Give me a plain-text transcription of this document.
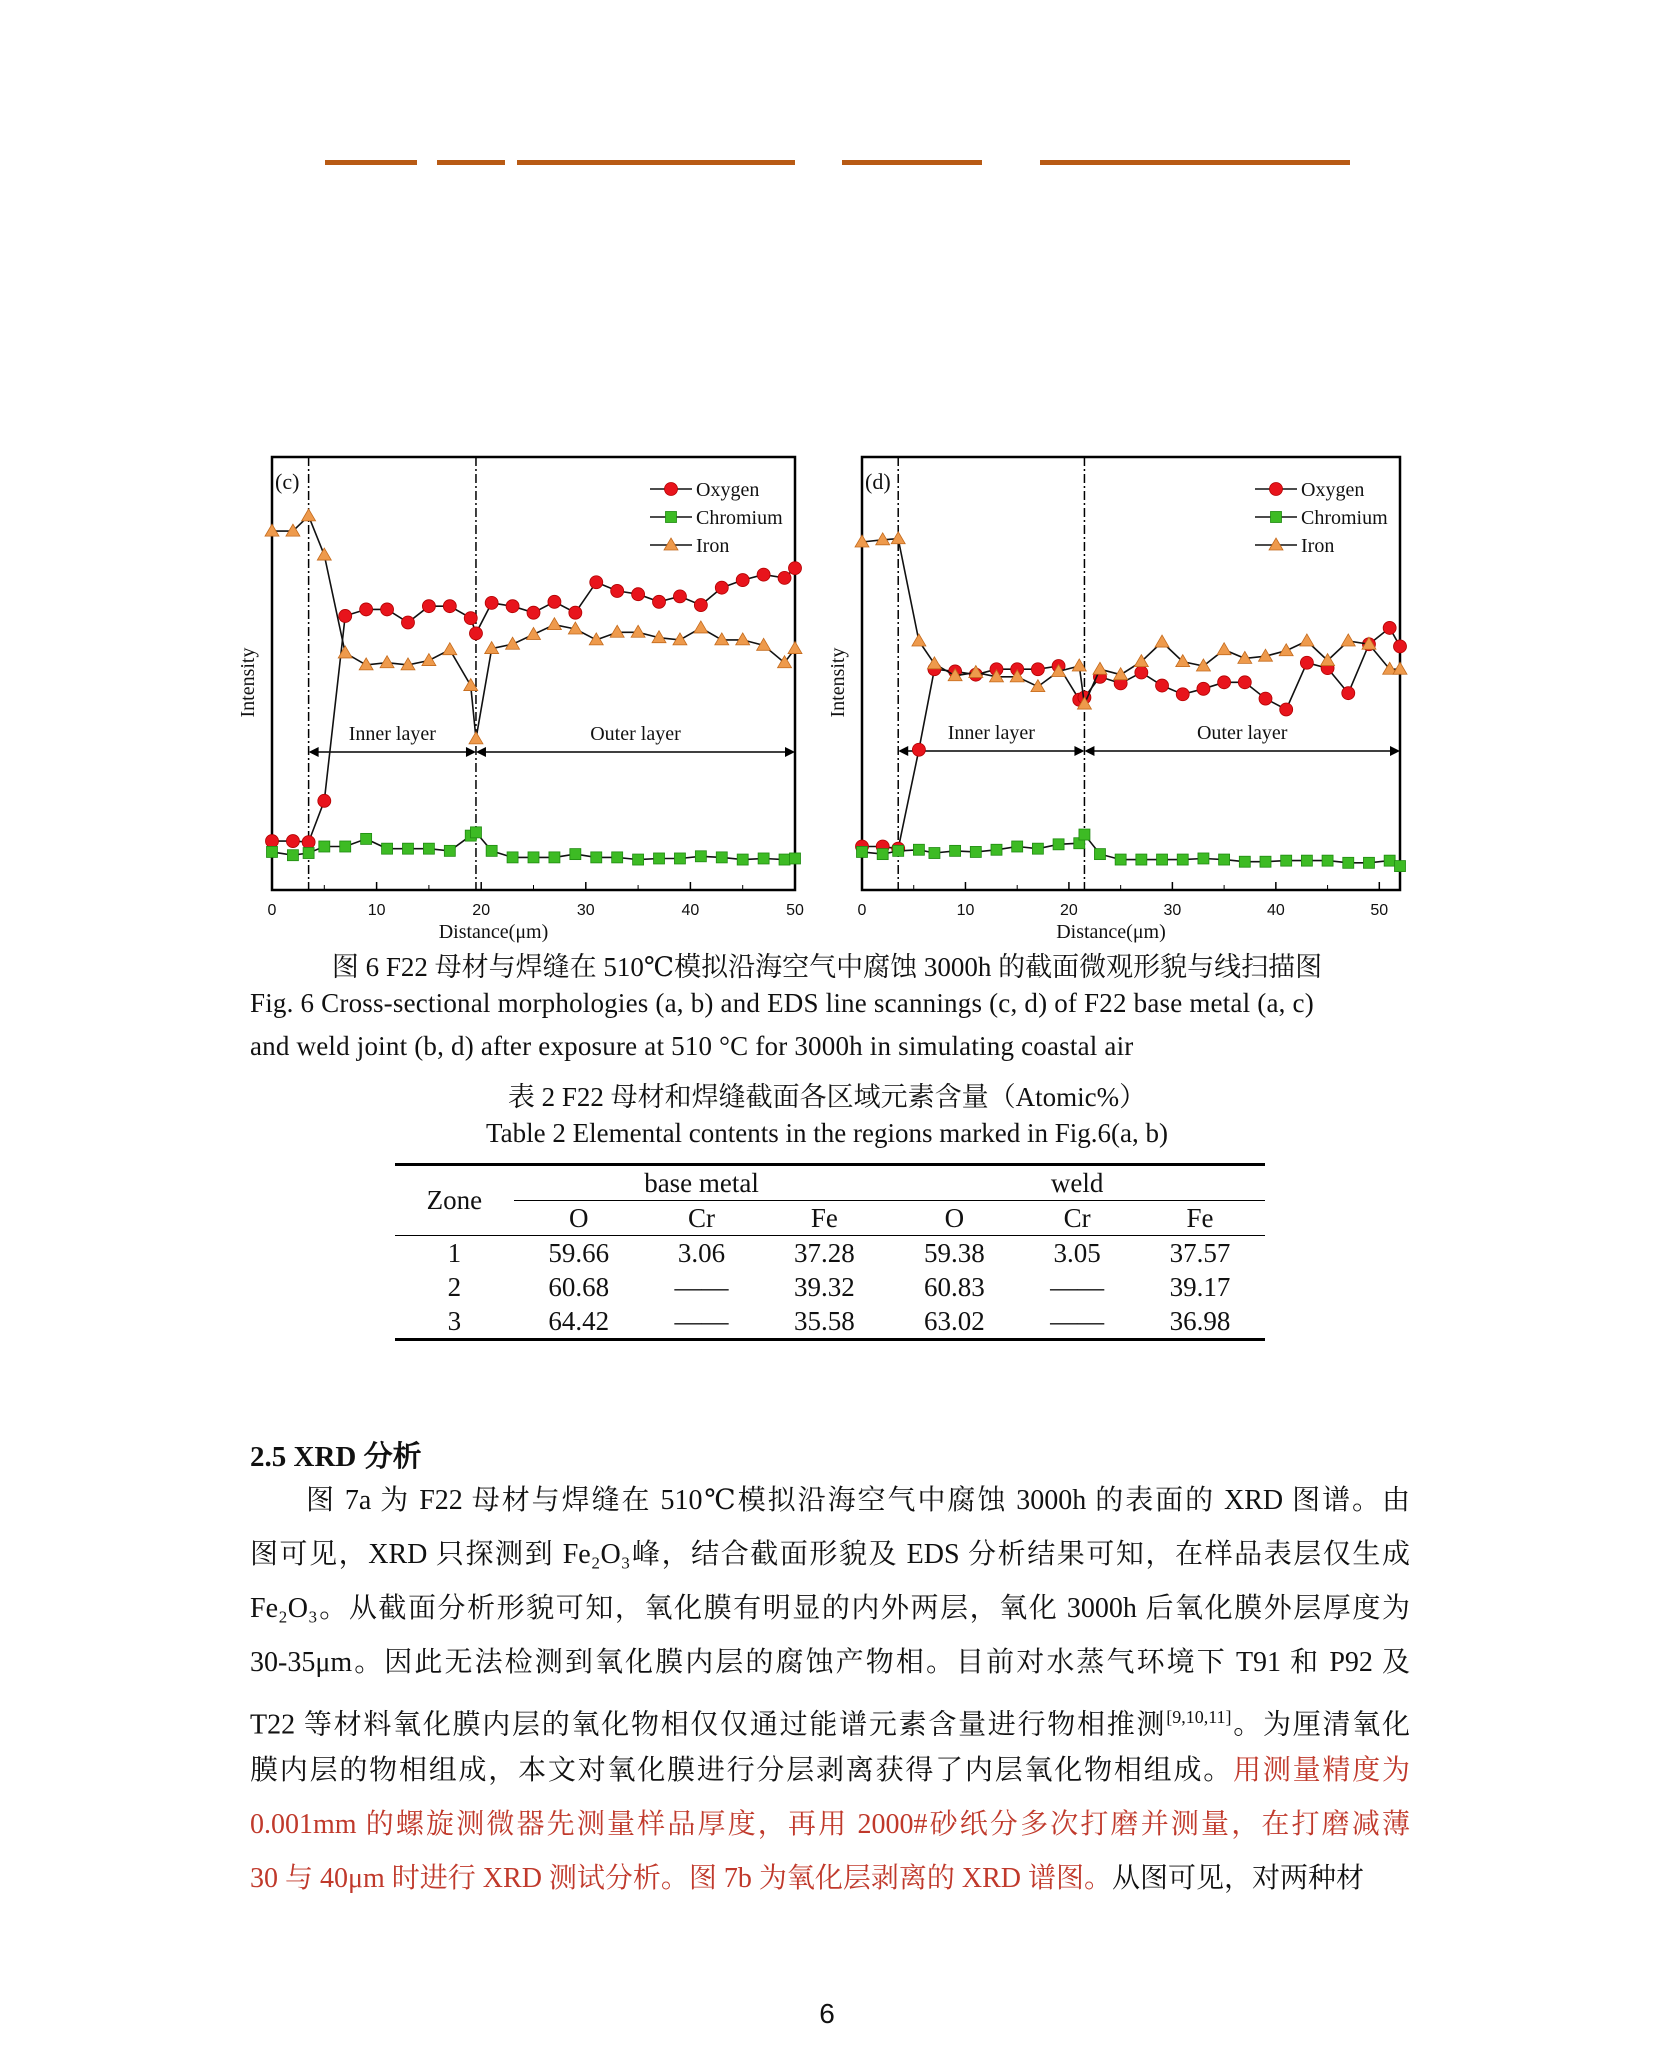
0	10	20	30	40	50
Distance(μm)
Intensity
(c)
Inner layer	Outer layer
Oxygen
Chromium
Iron
0	10	20	30	40	50
Distance(μm)
Intensity
(d)
Inner layer	Outer layer
Oxygen
Chromium
Iron
图 6 F22 母材与焊缝在 510℃模拟沿海空气中腐蚀 3000h 的截面微观形貌与线扫描图
Fig. 6 Cross-sectional morphologies (a, b) and EDS line scannings (c, d) of F22 base metal (a, c)
and weld joint (b, d) after exposure at 510 °C for 3000h in simulating coastal air
表 2 F22 母材和焊缝截面各区域元素含量（Atomic%）
Table 2 Elemental contents in the regions marked in Fig.6(a, b)
Zone	base metal			weld		
	O	Cr	Fe	O	Cr	Fe
1	59.66	3.06	37.28	59.38	3.05	37.57
2	60.68	——	39.32	60.83	——	39.17
3	64.42	——	35.58	63.02	——	36.98
2.5 XRD 分析
图 7a 为 F22 母材与焊缝在 510℃模拟沿海空气中腐蚀 3000h 的表面的 XRD 图谱。由
图可见，XRD 只探测到 Fe₂O₃峰，结合截面形貌及 EDS 分析结果可知，在样品表层仅生成
Fe₂O₃。从截面分析形貌可知，氧化膜有明显的内外两层，氧化 3000h 后氧化膜外层厚度为
30-35μm。因此无法检测到氧化膜内层的腐蚀产物相。目前对水蒸气环境下 T91 和 P92 及
T22 等材料氧化膜内层的氧化物相仅仅通过能谱元素含量进行物相推测[9,10,11]。为厘清氧化
膜内层的物相组成，本文对氧化膜进行分层剥离获得了内层氧化物相组成。用测量精度为
0.001mm 的螺旋测微器先测量样品厚度，再用 2000#砂纸分多次打磨并测量，在打磨减薄
30 与 40μm 时进行 XRD 测试分析。图 7b 为氧化层剥离的 XRD 谱图。从图可见，对两种材
6
